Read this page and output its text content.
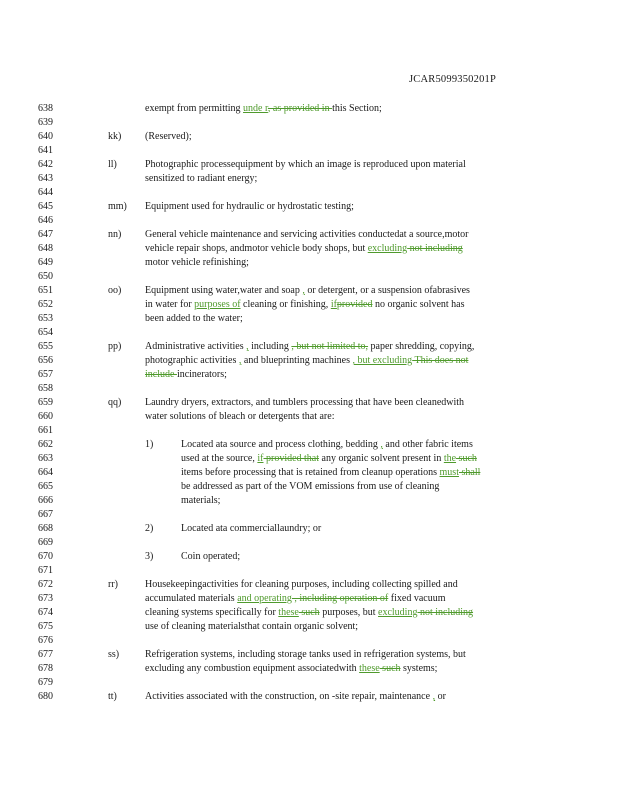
JCAR5099350201P
638
639
640
641
642
643
644
645
646
647
648
649
650
651
652
653
654
655
656
657
658
659
660
661
662
663
664
665
666
667
668
669
670
671
672
673
674
675
676
677
678
679
680
kk)
ll)
mm)
nn)
oo)
pp)
qq)
rr)
ss)
tt)
1)
2)
3)
exempt from permitting unde r, as provided in this Section;
(Reserved);
Photographic processequipment by which an image is reproduced upon material
sensitized to radiant energy;
Equipment used for hydraulic or hydrostatic testing;
General vehicle maintenance and servicing activities conductedat a source,motor
vehicle repair shops, andmotor vehicle body shops, but excluding not including
motor vehicle refinishing;
Equipment using water,water and soap , or detergent, or a suspension ofabrasives
in water for purposes of cleaning or finishing, ifprovided no organic solvent has
been added to the water;
Administrative activities , including , but not limited to, paper shredding, copying,
photographic activities , and blueprinting machines , but excluding This does not
include incinerators;
Laundry dryers, extractors, and tumblers processing that have been cleanedwith
water solutions of bleach or detergents that are:
Located ata source and process clothing, bedding , and other fabric items
used at the source, if provided that any organic solvent present in the such
items before processing that is retained from cleanup operations must shall
be addressed as part of the VOM emissions from use of cleaning
materials;
Located ata commerciallaundry; or
Coin operated;
Housekeepingactivities for cleaning purposes, including collecting spilled and
accumulated materials and operating , including operation of fixed vacuum
cleaning systems specifically for these such purposes, but excluding not including
use of cleaning materialsthat contain organic solvent;
Refrigeration systems, including storage tanks used in refrigeration systems, but
excluding any combustion equipment associatedwith these such systems;
Activities associated with the construction, on -site repair, maintenance , or
